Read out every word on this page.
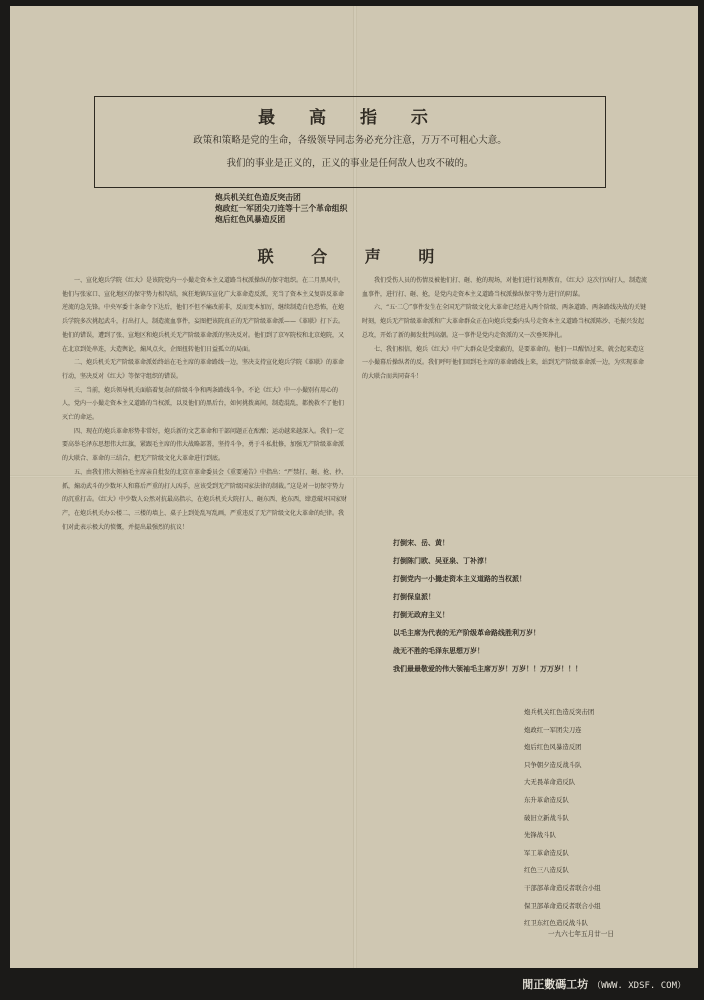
最 高 指 示
政策和策略是党的生命，各级领导同志务必充分注意，万万不可粗心大意。
我们的事业是正义的，正义的事业是任何敌人也攻不破的。
炮兵机关红色造反突击团
炮政红一军团尖刀连 等十三个革命组织
炮后红色风暴造反团
联 合 声 明

一、宣化炮兵学院《红大》是该院党内一小撮走资本主义道路当权派操纵的保守组织。在二月黑风中，他们与张家口、宣化地区的保守势力相勾结，疯狂地镇压宣化广大革命造反派，充当了资本主义复辟反革命逆流的急先锋。中央军委十条命令下达后，他们不但不痛改前非，反而变本加厉，继续制造白色恐怖，在炮兵学院多次挑起武斗，打出打人，制造流血事件，妄图把该院真正的无产阶级革命派——《革联》打下去。他们的错误，遭到了张、宣地区和炮兵机关无产阶级革命派的坚决反对。他们到了京军院校和北京炮院，又在北京到处串连，大造舆论，煽风点火，企图扭转他们日益孤立的局面。

二、炮兵机关无产阶级革命派始终站在毛主席的革命路线一边，坚决支持宣化炮兵学院《革联》的革命行动，坚决反对《红大》等保守组织的错误。

三、当前，炮兵领导机关面临着复杂的阶级斗争和两条路线斗争。不论《红大》中一小撮别有用心的人，党内一小撮走资本主义道路的当权派，以及他们的黑后台，如何挑拨离间，制造混乱，都挽救不了他们灭亡的命运。

四、现在的炮兵革命形势非常好，炮兵新的文艺革命和干部问题正在酝酿；运动越来越深入。我们一定要高举毛泽东思想伟大红旗，紧跟毛主席的伟大战略部署，坚持斗争，勇于斗私批修，加强无产阶级革命派的大联合、革命的三结合，把无产阶级文化大革命进行到底。

五、由我们伟大领袖毛主席亲自批发的北京市革命委员会《重要通告》中指出：“严禁打、砸、抢、抄、抓，煽动武斗的少数坏人和幕后严重的打人凶手，应该受到无产阶级国家法律的制裁。”这是对一切保守势力的沉重打击。《红大》中少数人公然对抗最高指示，在炮兵机关大院打人、砸东西、抢东西，肆意破坏国家财产，在炮兵机关办公楼二、三楼的墙上、桌子上到处乱写乱画，严重违反了无产阶级文化大革命的纪律。我们对此表示极大的愤慨，并提出最强烈的抗议！

我们受伤人员的伤情及被他们打、砸、抢的现场，对他们进行说理教育，《红大》这次行凶打人，制造流血事件，进行打、砸、抢，是党内走资本主义道路当权派操纵保守势力进行的阴谋。

六、“五·二〇”事件发生在全国无产阶级文化大革命已经进入两个阶级、两条道路、两条路线决战的关键时刻，炮兵无产阶级革命派和广大革命群众正在向炮兵党委内头号走资本主义道路当权派陈沙、毛振兴发起总攻，开始了新的揭发批判高潮。这一事件是党内走资派的又一次垂死挣扎。

七、我们相信，炮兵《红大》中广大群众是受蒙蔽的，是要革命的。他们一旦醒悟过来，就会起来造这一小撮幕后操纵者的反。我们呼吁他们回到毛主席的革命路线上来，站到无产阶级革命派一边，为实现革命的大联合而共同奋斗！

打倒宋、岳、黄！
打倒陈门欧、吴亚泉、丁补淳！
打倒党内一小撮走资本主义道路的当权派！
打倒保皇派！
打倒无政府主义！
以毛主席为代表的无产阶级革命路线胜利万岁！
战无不胜的毛泽东思想万岁！
我们最最敬爱的伟大领袖毛主席万岁！万岁！！万万岁！！！
炮兵机关红色造反突击团
炮政红一军团尖刀连
炮后红色风暴造反团
只争朝夕造反战斗队
大无畏革命造反队
东升革命造反队
破旧立新战斗队
先锋战斗队
军工革命造反队
红色三八造反队
干部部革命造反者联合小组
保卫部革命造反者联合小组
红卫东红色造反战斗队
一九六七年五月廿一日
閒正數碼工坊 （WWW. XDSF. COM）
